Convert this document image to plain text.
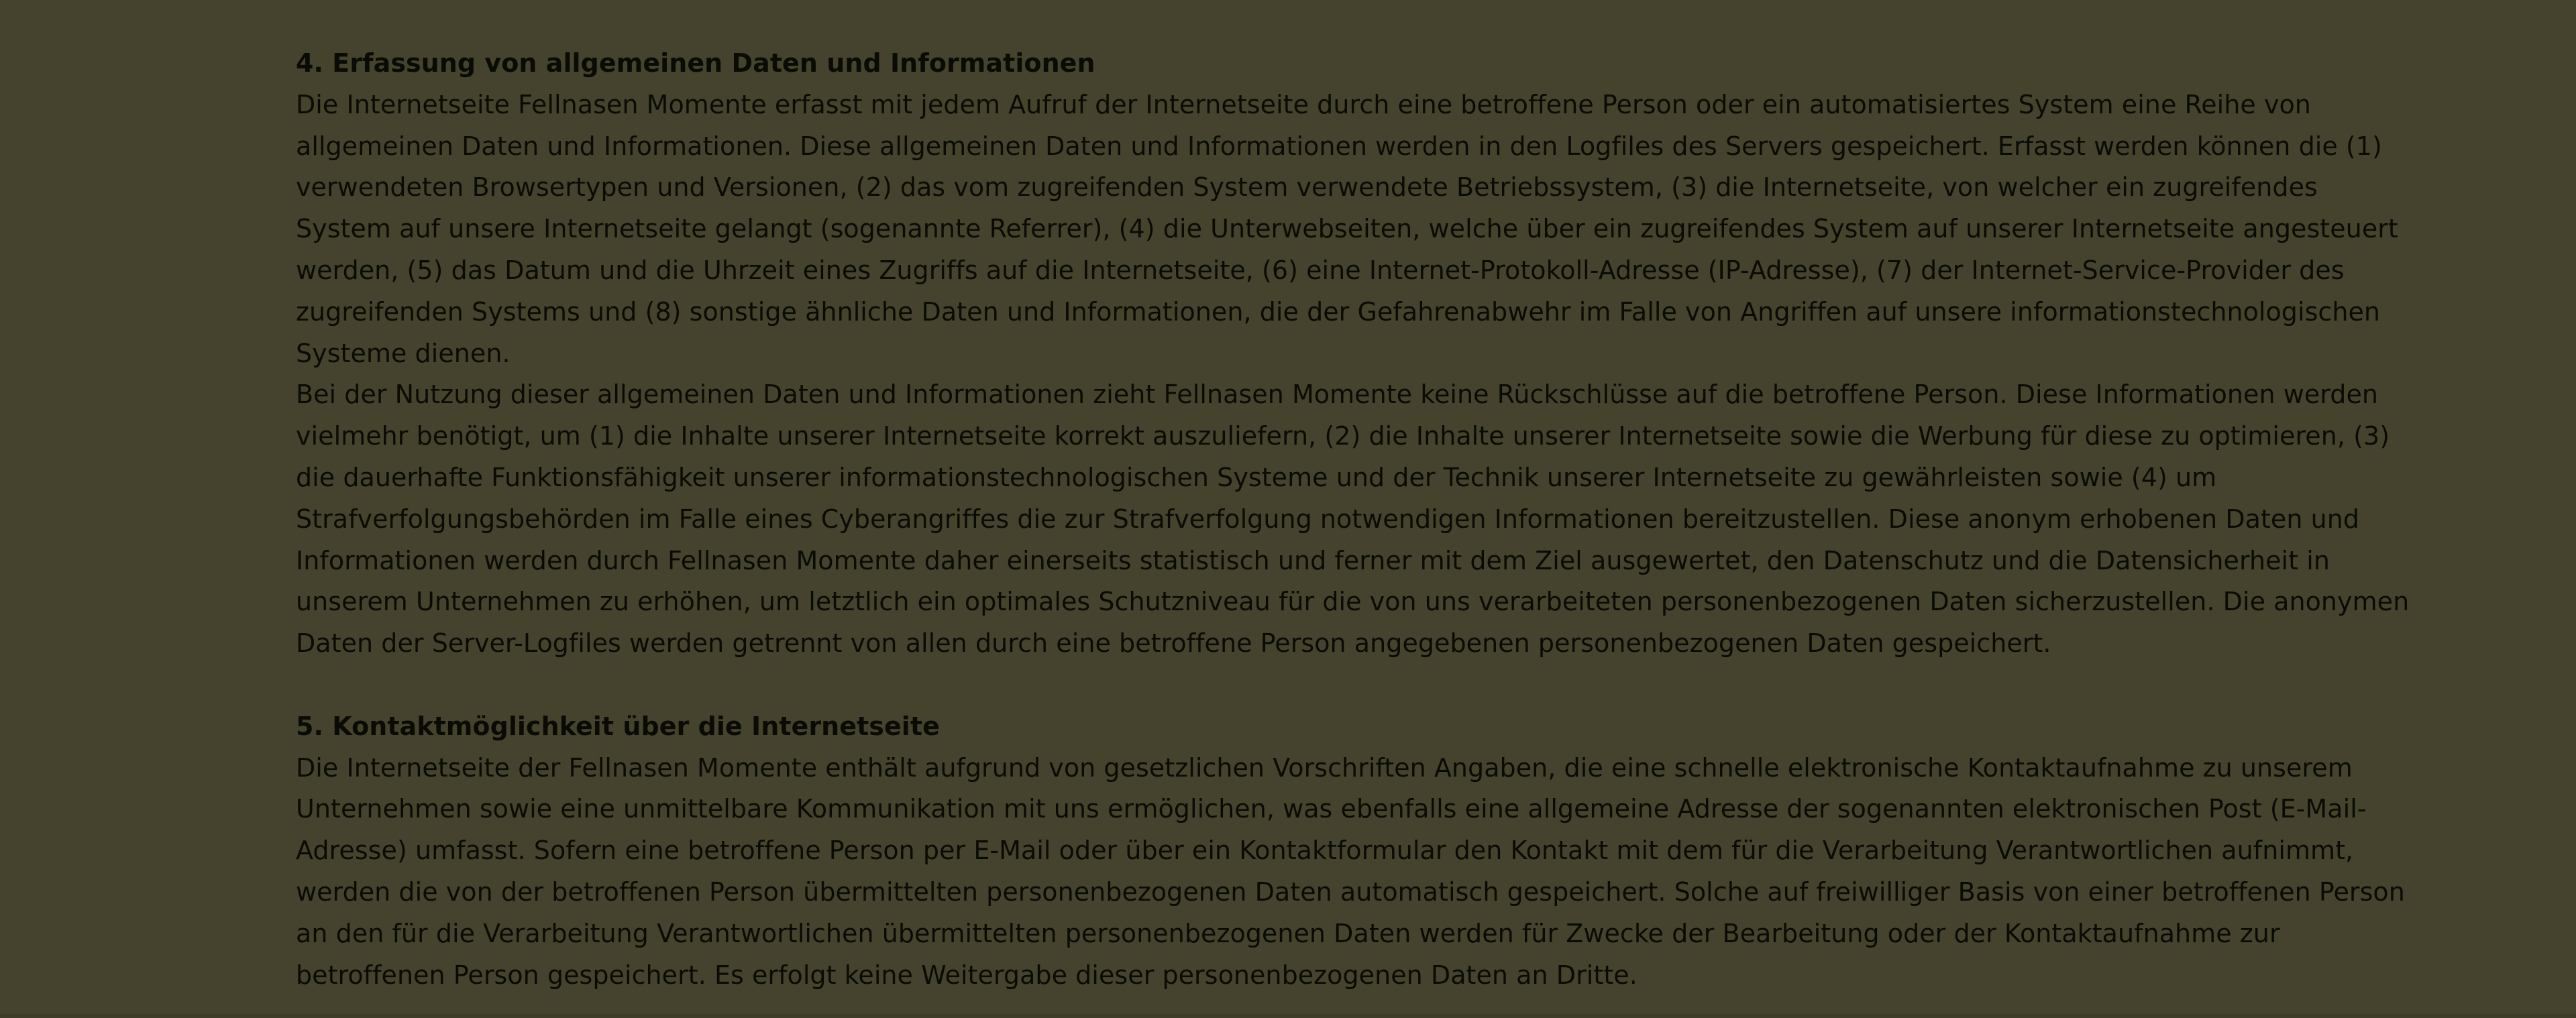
4. Erfassung von allgemeinen Daten und Informationen

Die Internetseite Fellnasen Momente erfasst mit jedem Aufruf der Internetseite durch eine betroffene Person oder ein automatisiertes System eine Reihe von allgemeinen Daten und Informationen. Diese allgemeinen Daten und Informationen werden in den Logfiles des Servers gespeichert. Erfasst werden können die (1) verwendeten Browsertypen und Versionen, (2) das vom zugreifenden System verwendete Betriebssystem, (3) die Internetseite, von welcher ein zugreifendes System auf unsere Internetseite gelangt (sogenannte Referrer), (4) die Unterwebseiten, welche über ein zugreifendes System auf unserer Internetseite angesteuert werden, (5) das Datum und die Uhrzeit eines Zugriffs auf die Internetseite, (6) eine Internet-Protokoll-Adresse (IP-Adresse), (7) der Internet-Service-Provider des zugreifenden Systems und (8) sonstige ähnliche Daten und Informationen, die der Gefahrenabwehr im Falle von Angriffen auf unsere informationstechnologischen Systeme dienen.

Bei der Nutzung dieser allgemeinen Daten und Informationen zieht Fellnasen Momente keine Rückschlüsse auf die betroffene Person. Diese Informationen werden vielmehr benötigt, um (1) die Inhalte unserer Internetseite korrekt auszuliefern, (2) die Inhalte unserer Internetseite sowie die Werbung für diese zu optimieren, (3) die dauerhafte Funktionsfähigkeit unserer informationstechnologischen Systeme und der Technik unserer Internetseite zu gewährleisten sowie (4) um Strafverfolgungsbehörden im Falle eines Cyberangriffes die zur Strafverfolgung notwendigen Informationen bereitzustellen. Diese anonym erhobenen Daten und Informationen werden durch Fellnasen Momente daher einerseits statistisch und ferner mit dem Ziel ausgewertet, den Datenschutz und die Datensicherheit in unserem Unternehmen zu erhöhen, um letztlich ein optimales Schutzniveau für die von uns verarbeiteten personenbezogenen Daten sicherzustellen. Die anonymen Daten der Server-Logfiles werden getrennt von allen durch eine betroffene Person angegebenen personenbezogenen Daten gespeichert.

5. Kontaktmöglichkeit über die Internetseite

Die Internetseite der Fellnasen Momente enthält aufgrund von gesetzlichen Vorschriften Angaben, die eine schnelle elektronische Kontaktaufnahme zu unserem Unternehmen sowie eine unmittelbare Kommunikation mit uns ermöglichen, was ebenfalls eine allgemeine Adresse der sogenannten elektronischen Post (E-Mail-Adresse) umfasst. Sofern eine betroffene Person per E-Mail oder über ein Kontaktformular den Kontakt mit dem für die Verarbeitung Verantwortlichen aufnimmt, werden die von der betroffenen Person übermittelten personenbezogenen Daten automatisch gespeichert. Solche auf freiwilliger Basis von einer betroffenen Person an den für die Verarbeitung Verantwortlichen übermittelten personenbezogenen Daten werden für Zwecke der Bearbeitung oder der Kontaktaufnahme zur betroffenen Person gespeichert. Es erfolgt keine Weitergabe dieser personenbezogenen Daten an Dritte.
